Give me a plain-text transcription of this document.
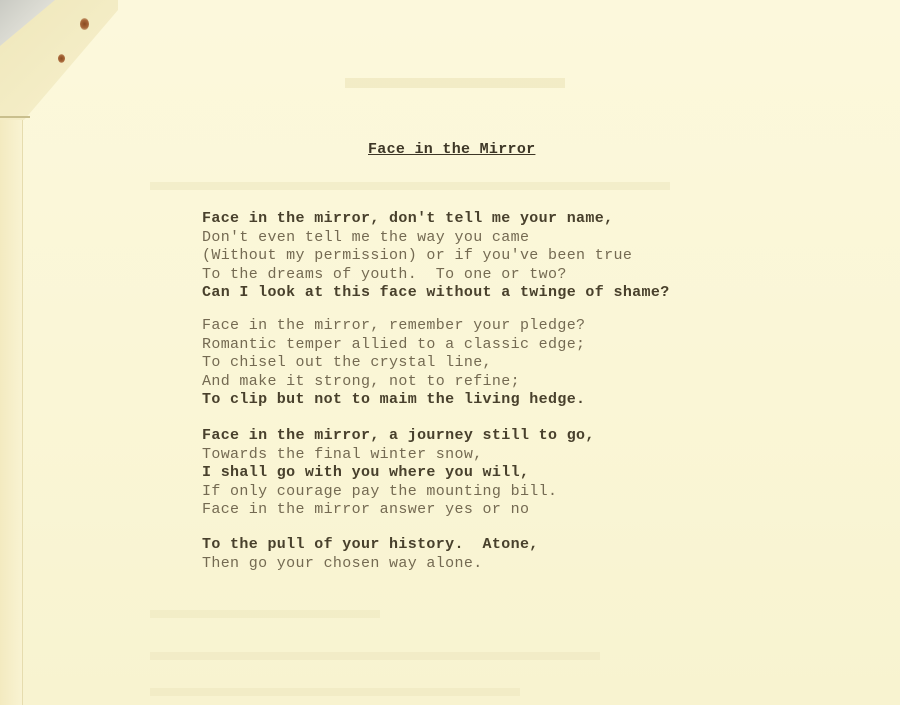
Face in the Mirror
Face in the mirror, don't tell me your name,
Don't even tell me the way you came
(Without my permission) or if you've been true
To the dreams of youth.  To one or two?
Can I look at this face without a twinge of shame?
Face in the mirror, remember your pledge?
Romantic temper allied to a classic edge;
To chisel out the crystal line,
And make it strong, not to refine;
To clip but not to maim the living hedge.
Face in the mirror, a journey still to go,
Towards the final winter snow,
I shall go with you where you will,
If only courage pay the mounting bill.
Face in the mirror answer yes or no
To the pull of your history.  Atone,
Then go your chosen way alone.
